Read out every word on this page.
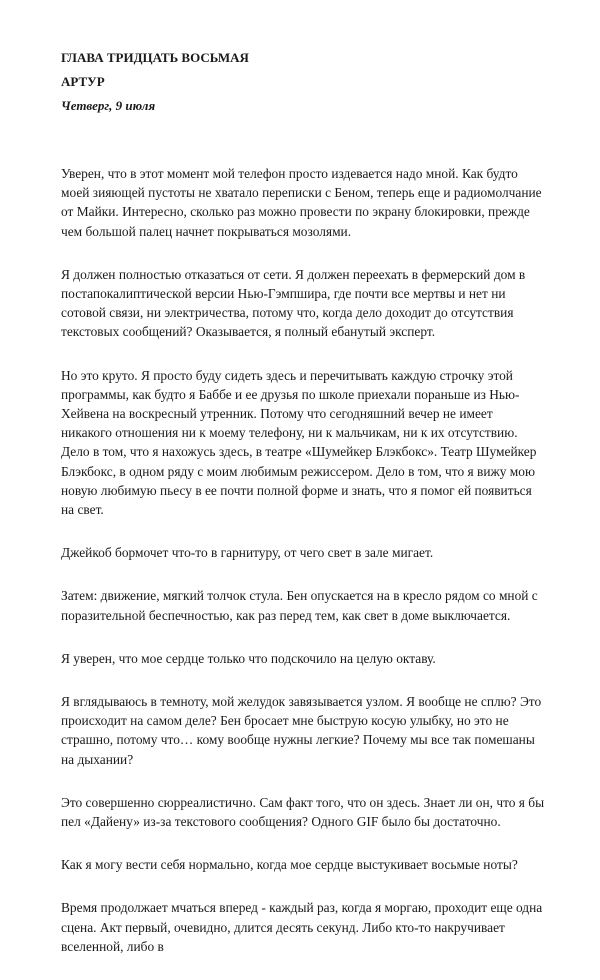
ГЛАВА ТРИДЦАТЬ ВОСЬМАЯ
АРТУР
Четверг, 9 июля

Уверен, что в этот момент мой телефон просто издевается надо мной. Как будто моей зияющей пустоты не хватало переписки с Беном, теперь еще и радиомолчание от Майки. Интересно, сколько раз можно провести по экрану блокировки, прежде чем большой палец начнет покрываться мозолями.

Я должен полностью отказаться от сети. Я должен переехать в фермерский дом в постапокалиптической версии Нью-Гэмпшира, где почти все мертвы и нет ни сотовой связи, ни электричества, потому что, когда дело доходит до отсутствия текстовых сообщений? Оказывается, я полный ебанутый эксперт.

Но это круто. Я просто буду сидеть здесь и перечитывать каждую строчку этой программы, как будто я Баббе и ее друзья по школе приехали пораньше из Нью-Хейвена на воскресный утренник. Потому что сегодняшний вечер не имеет никакого отношения ни к моему телефону, ни к мальчикам, ни к их отсутствию. Дело в том, что я нахожусь здесь, в театре «Шумейкер Блэкбокс». Театр Шумейкер Блэкбокс, в одном ряду с моим любимым режиссером. Дело в том, что я вижу мою новую любимую пьесу в ее почти полной форме и знать, что я помог ей появиться на свет.

Джейкоб бормочет что-то в гарнитуру, от чего свет в зале мигает.

Затем: движение, мягкий толчок стула. Бен опускается на в кресло рядом со мной с поразительной беспечностью, как раз перед тем, как свет в доме выключается.

Я уверен, что мое сердце только что подскочило на целую октаву.

Я вглядываюсь в темноту, мой желудок завязывается узлом. Я вообще не сплю? Это происходит на самом деле? Бен бросает мне быструю косую улыбку, но это не страшно, потому что… кому вообще нужны легкие? Почему мы все так помешаны на дыхании?

Это совершенно сюрреалистично. Сам факт того, что он здесь. Знает ли он, что я бы пел «Дайену» из-за текстового сообщения? Одного GIF было бы достаточно.

Как я могу вести себя нормально, когда мое сердце выстукивает восьмые ноты?

Время продолжает мчаться вперед - каждый раз, когда я моргаю, проходит еще одна сцена. Акт первый, очевидно, длится десять секунд. Либо кто-то накручивает вселенной, либо в
